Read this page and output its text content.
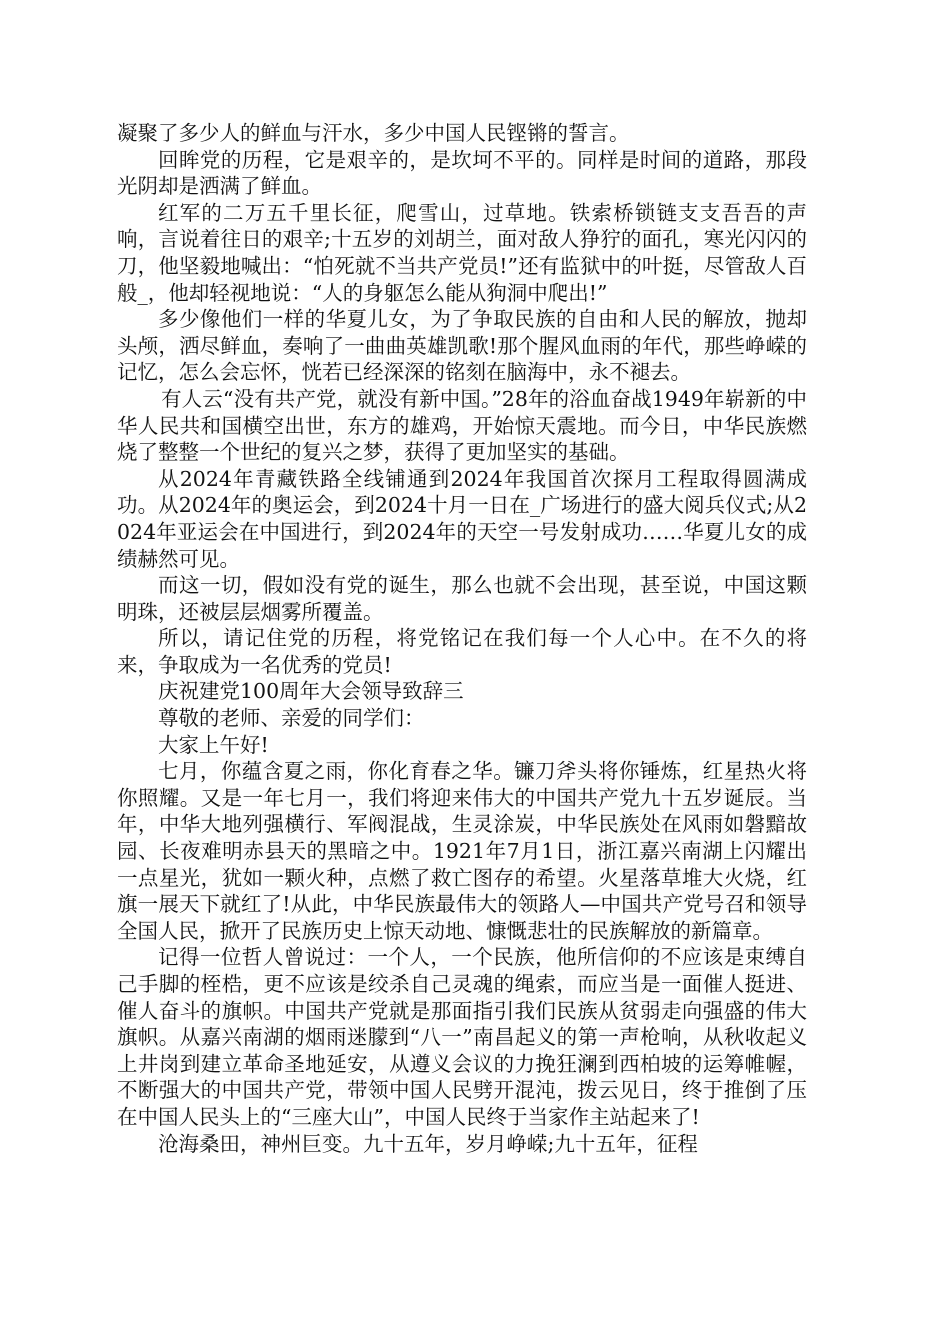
凝聚了多少人的鲜血与汗水，多少中国人民铿锵的誓言。

回眸党的历程，它是艰辛的，是坎坷不平的。同样是时间的道路，那段光阴却是洒满了鲜血。

红军的二万五千里长征，爬雪山，过草地。铁索桥锁链支支吾吾的声响，言说着往日的艰辛;十五岁的刘胡兰，面对敌人狰狞的面孔，寒光闪闪的刀，他坚毅地喊出：“怕死就不当共产党员!”还有监狱中的叶挺，尽管敌人百般_，他却轻视地说：“人的身躯怎么能从狗洞中爬出!”

多少像他们一样的华夏儿女，为了争取民族的自由和人民的解放，抛却头颅，洒尽鲜血，奏响了一曲曲英雄凯歌!那个腥风血雨的年代，那些峥嵘的记忆，怎么会忘怀，恍若已经深深的铭刻在脑海中，永不褪去。

有人云“没有共产党，就没有新中国。”28年的浴血奋战1949年崭新的中华人民共和国横空出世，东方的雄鸡，开始惊天震地。而今日，中华民族燃烧了整整一个世纪的复兴之梦，获得了更加坚实的基础。

从2024年青藏铁路全线铺通到2024年我国首次探月工程取得圆满成功。从2024年的奥运会，到2024十月一日在_广场进行的盛大阅兵仪式;从2024年亚运会在中国进行，到2024年的天空一号发射成功……华夏儿女的成绩赫然可见。

而这一切，假如没有党的诞生，那么也就不会出现，甚至说，中国这颗明珠，还被层层烟雾所覆盖。

所以，请记住党的历程，将党铭记在我们每一个人心中。在不久的将来，争取成为一名优秀的党员!

庆祝建党100周年大会领导致辞三

尊敬的老师、亲爱的同学们：

大家上午好!

七月，你蕴含夏之雨，你化育春之华。镰刀斧头将你锤炼，红星热火将你照耀。又是一年七月一，我们将迎来伟大的中国共产党九十五岁诞辰。当年，中华大地列强横行、军阀混战，生灵涂炭，中华民族处在风雨如磐黯故园、长夜难明赤县天的黑暗之中。1921年7月1日，浙江嘉兴南湖上闪耀出一点星光，犹如一颗火种，点燃了救亡图存的希望。火星落草堆大火烧，红旗一展天下就红了!从此，中华民族最伟大的领路人—中国共产党号召和领导全国人民，掀开了民族历史上惊天动地、慷慨悲壮的民族解放的新篇章。

记得一位哲人曾说过：一个人，一个民族，他所信仰的不应该是束缚自己手脚的桎梏，更不应该是绞杀自己灵魂的绳索，而应当是一面催人挺进、催人奋斗的旗帜。中国共产党就是那面指引我们民族从贫弱走向强盛的伟大旗帜。从嘉兴南湖的烟雨迷朦到“八一”南昌起义的第一声枪响，从秋收起义上井岗到建立革命圣地延安，从遵义会议的力挽狂澜到西柏坡的运筹帷幄，不断强大的中国共产党，带领中国人民劈开混沌，拨云见日，终于推倒了压在中国人民头上的“三座大山”，中国人民终于当家作主站起来了!

沧海桑田，神州巨变。九十五年，岁月峥嵘;九十五年，征程
